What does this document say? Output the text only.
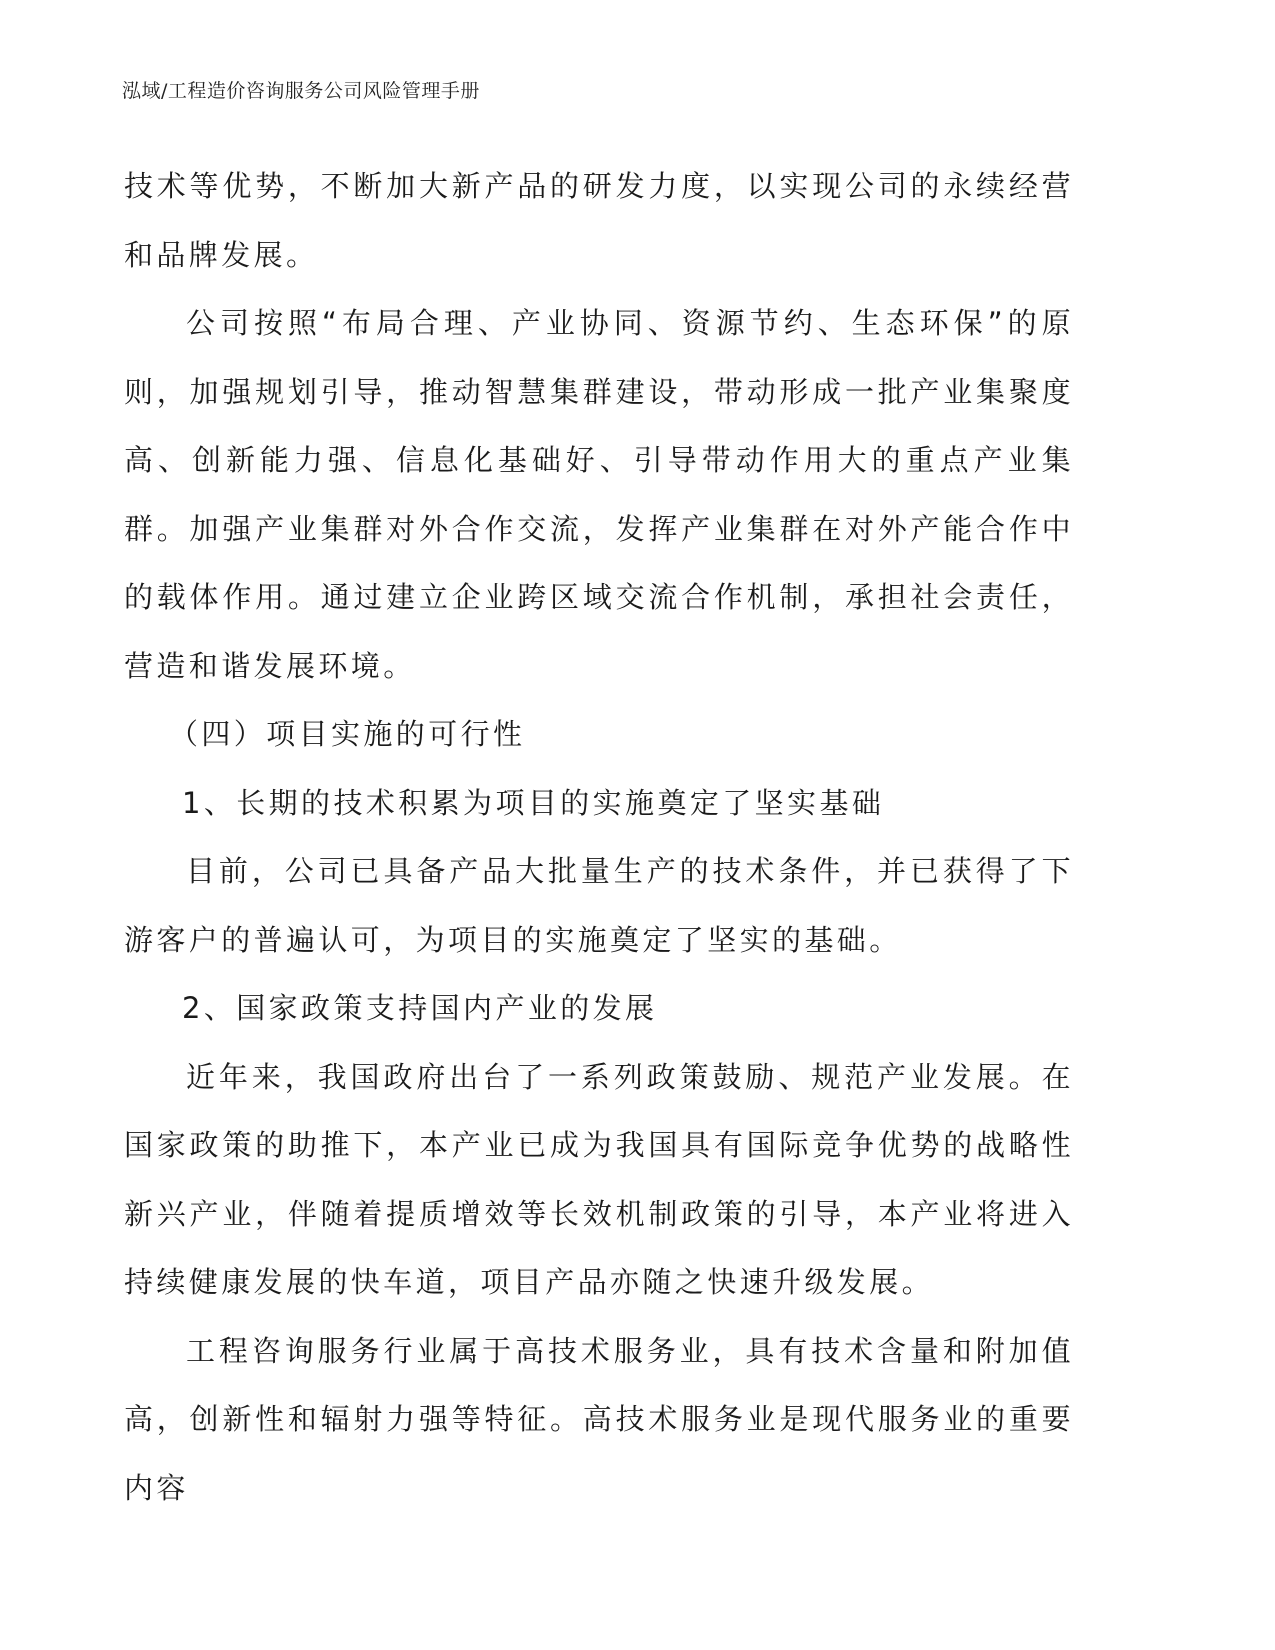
泓域/工程造价咨询服务公司风险管理手册

技术等优势，不断加大新产品的研发力度，以实现公司的永续经营和品牌发展。

公司按照“布局合理、产业协同、资源节约、生态环保”的原则，加强规划引导，推动智慧集群建设，带动形成一批产业集聚度高、创新能力强、信息化基础好、引导带动作用大的重点产业集群。加强产业集群对外合作交流，发挥产业集群在对外产能合作中的载体作用。通过建立企业跨区域交流合作机制，承担社会责任，营造和谐发展环境。

（四）项目实施的可行性

1、长期的技术积累为项目的实施奠定了坚实基础

目前，公司已具备产品大批量生产的技术条件，并已获得了下游客户的普遍认可，为项目的实施奠定了坚实的基础。

2、国家政策支持国内产业的发展

近年来，我国政府出台了一系列政策鼓励、规范产业发展。在国家政策的助推下，本产业已成为我国具有国际竞争优势的战略性新兴产业，伴随着提质增效等长效机制政策的引导，本产业将进入持续健康发展的快车道，项目产品亦随之快速升级发展。

工程咨询服务行业属于高技术服务业，具有技术含量和附加值高，创新性和辐射力强等特征。高技术服务业是现代服务业的重要内容
